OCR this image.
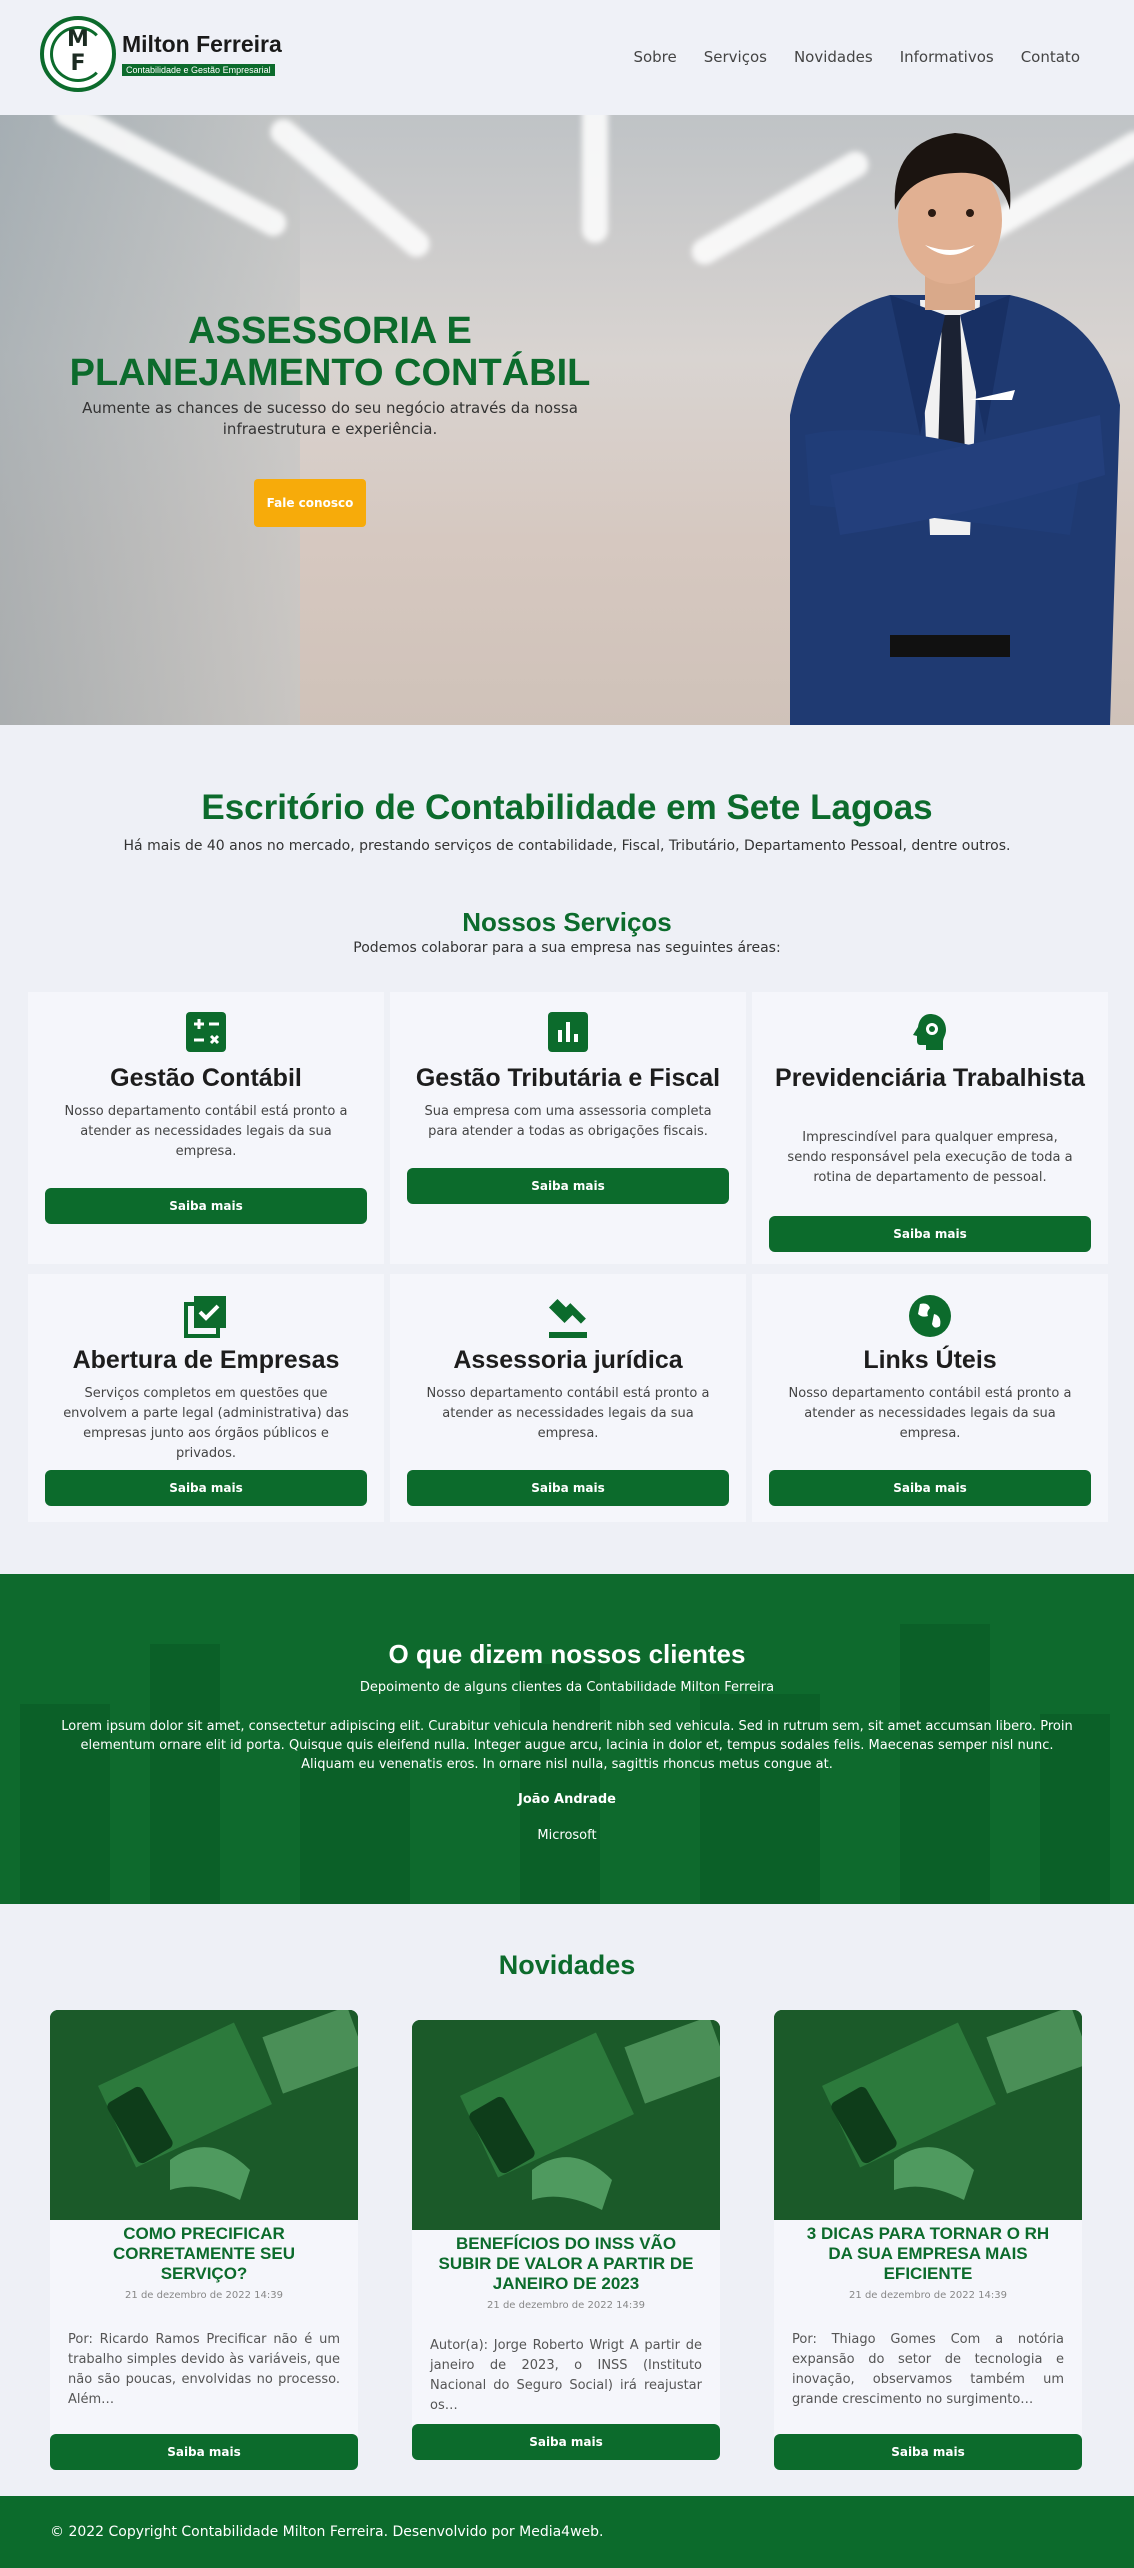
M
F
Milton Ferreira
Contabilidade e Gestão Empresarial
Sobre Serviços Novidades Informativos Contato
ASSESSORIA E PLANEJAMENTO CONTÁBIL

Aumente as chances de sucesso do seu negócio através da nossa infraestrutura e experiência.

Fale conosco
Escritório de Contabilidade em Sete Lagoas

Há mais de 40 anos no mercado, prestando serviços de contabilidade, Fiscal, Tributário, Departamento Pessoal, dentre outros.

Nossos Serviços

Podemos colaborar para a sua empresa nas seguintes áreas:

Gestão Contábil
Nosso departamento contábil está pronto a atender as necessidades legais da sua empresa.
Saiba mais
Gestão Tributária e Fiscal
Sua empresa com uma assessoria completa para atender a todas as obrigações fiscais.
Saiba mais
Previdenciária Trabalhista
Imprescindível para qualquer empresa, sendo responsável pela execução de toda a rotina de departamento de pessoal.
Saiba mais
Abertura de Empresas
Serviços completos em questões que envolvem a parte legal (administrativa) das empresas junto aos órgãos públicos e privados.
Saiba mais
Assessoria jurídica
Nosso departamento contábil está pronto a atender as necessidades legais da sua empresa.
Saiba mais
Links Úteis
Nosso departamento contábil está pronto a atender as necessidades legais da sua empresa.
Saiba mais
O que dizem nossos clientes

Depoimento de alguns clientes da Contabilidade Milton Ferreira

Lorem ipsum dolor sit amet, consectetur adipiscing elit. Curabitur vehicula hendrerit nibh sed vehicula. Sed in rutrum sem, sit amet accumsan libero. Proin elementum ornare elit id porta. Quisque quis eleifend nulla. Integer augue arcu, lacinia in dolor et, tempus sodales felis. Maecenas semper nisl nunc. Aliquam eu venenatis eros. In ornare nisl nulla, sagittis rhoncus metus congue at.

João Andrade

Microsoft

Novidades
COMO PRECIFICAR CORRETAMENTE SEU SERVIÇO?
21 de dezembro de 2022 14:39
Por: Ricardo Ramos Precificar não é um trabalho simples devido às variáveis, que não são poucas, envolvidas no processo. Além…
Saiba mais
BENEFÍCIOS DO INSS VÃO SUBIR DE VALOR A PARTIR DE JANEIRO DE 2023
21 de dezembro de 2022 14:39
Autor(a): Jorge Roberto Wrigt A partir de janeiro de 2023, o INSS (Instituto Nacional do Seguro Social) irá reajustar os…
Saiba mais
3 DICAS PARA TORNAR O RH DA SUA EMPRESA MAIS EFICIENTE
21 de dezembro de 2022 14:39
Por: Thiago Gomes Com a notória expansão do setor de tecnologia e inovação, observamos também um grande crescimento no surgimento…
Saiba mais
© 2022 Copyright Contabilidade Milton Ferreira. Desenvolvido por Media4web.
